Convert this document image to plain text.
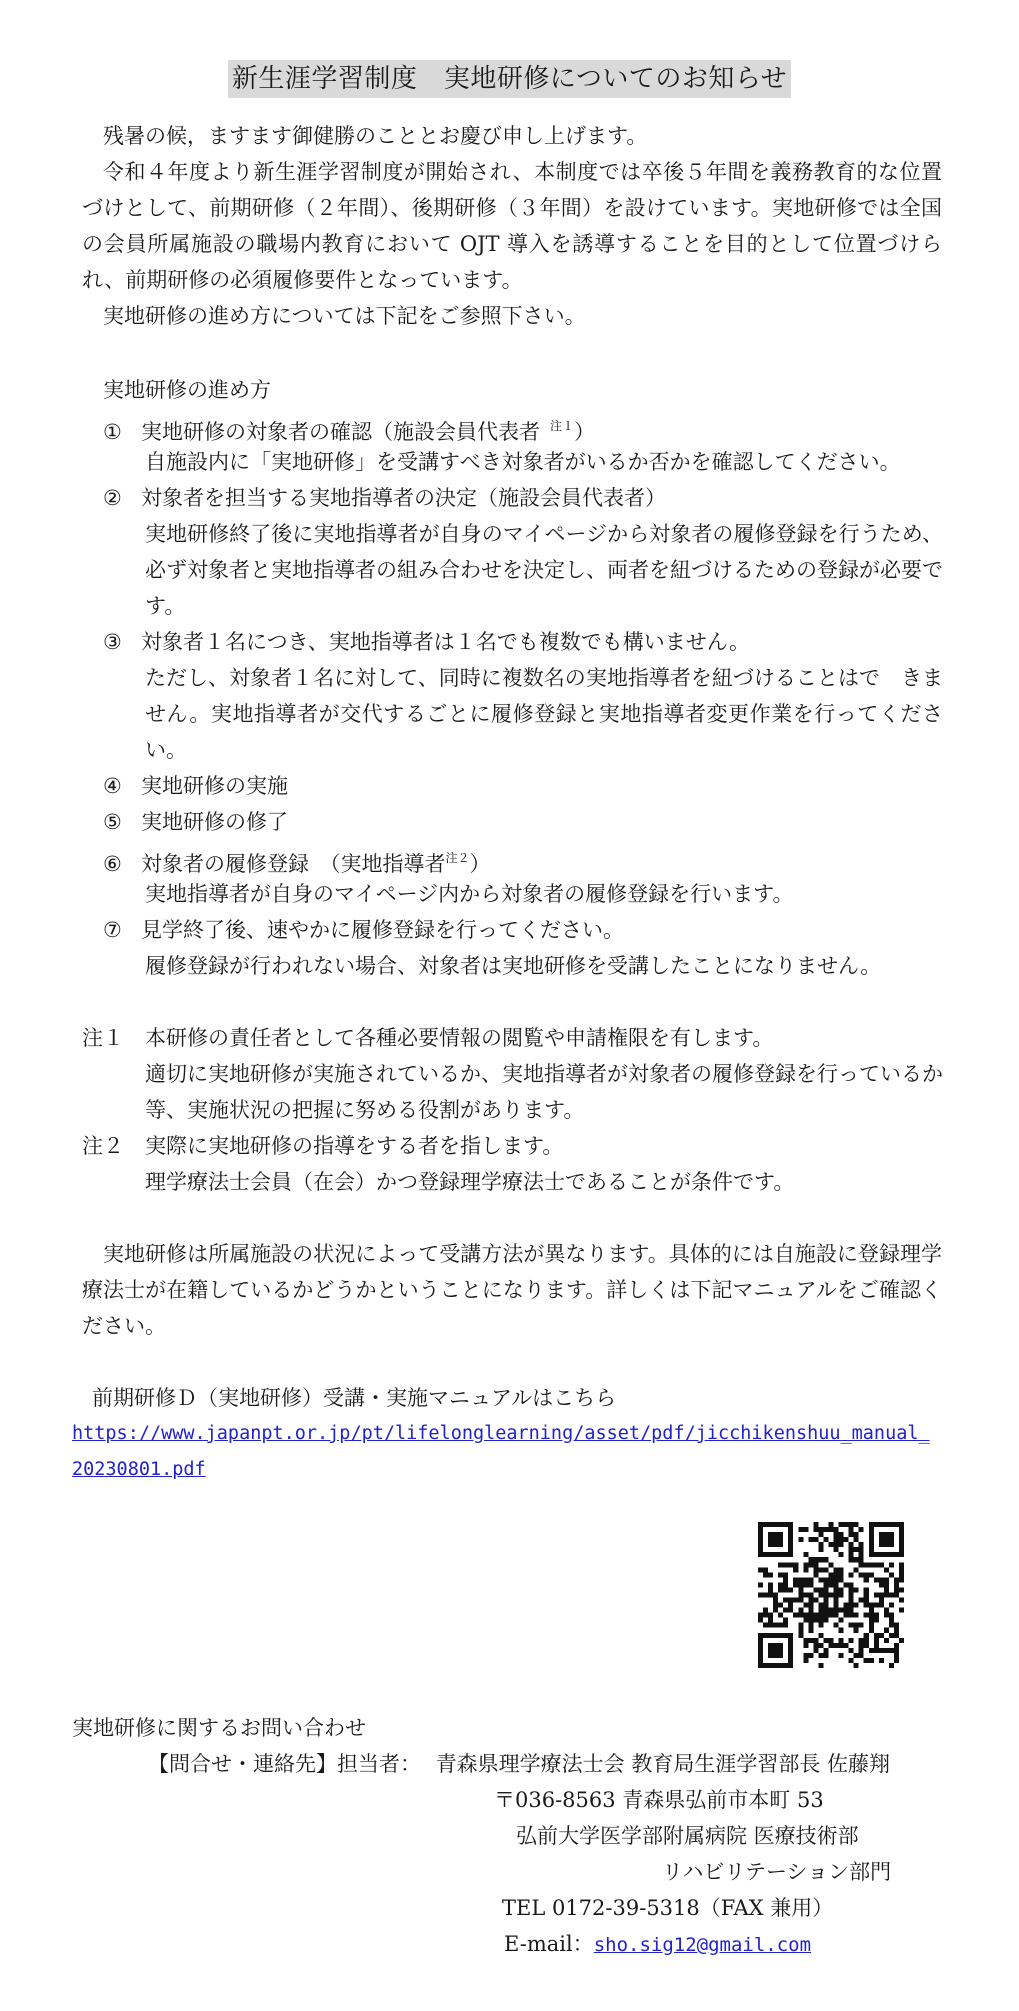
新生涯学習制度　実地研修についてのお知らせ

残暑の候，ますます御健勝のこととお慶び申し上げます。

令和４年度より新生涯学習制度が開始され、本制度では卒後５年間を義務教育的な位置づけとして、前期研修（２年間）、後期研修（３年間）を設けています。実地研修では全国の会員所属施設の職場内教育において OJT 導入を誘導することを目的として位置づけられ、前期研修の必須履修要件となっています。

実地研修の進め方については下記をご参照下さい。

実地研修の進め方
① 実地研修の対象者の確認（施設会員代表者 $^{注1}$）
自施設内に「実地研修」を受講すべき対象者がいるか否かを確認してください。
② 対象者を担当する実地指導者の決定（施設会員代表者）
実地研修終了後に実地指導者が自身のマイページから対象者の履修登録を行うため、必ず対象者と実地指導者の組み合わせを決定し、両者を紐づけるための登録が必要です。
③ 対象者１名につき、実地指導者は１名でも複数でも構いません。
ただし、対象者１名に対して、同時に複数名の実地指導者を紐づけることはで　きません。実地指導者が交代するごとに履修登録と実地指導者変更作業を行ってください。
④ 実地研修の実施
⑤ 実地研修の修了
⑥ 対象者の履修登録　（実地指導者$^{注2}$）
実地指導者が自身のマイページ内から対象者の履修登録を行います。
⑦ 見学終了後、速やかに履修登録を行ってください。
履修登録が行われない場合、対象者は実地研修を受講したことになりません。
注１ 本研修の責任者として各種必要情報の閲覧や申請権限を有します。
適切に実地研修が実施されているか、実地指導者が対象者の履修登録を行っているか等、実施状況の把握に努める役割があります。
注２ 実際に実地研修の指導をする者を指します。
理学療法士会員（在会）かつ登録理学療法士であることが条件です。

実地研修は所属施設の状況によって受講方法が異なります。具体的には自施設に登録理学療法士が在籍しているかどうかということになります。詳しくは下記マニュアルをご確認ください。

前期研修Ｄ（実地研修）受講・実施マニュアルはこちら
https://www.japanpt.or.jp/pt/lifelonglearning/asset/pdf/jicchikenshuu_manual_20230801.pdf
実地研修に関するお問い合わせ
【問合せ・連絡先】担当者： 青森県理学療法士会 教育局生涯学習部長 佐藤翔
〒036-8563 青森県弘前市本町 53
弘前大学医学部附属病院 医療技術部
リハビリテーション部門
TEL 0172-39-5318（FAX 兼用）
E-mail：sho.sig12@gmail.com
